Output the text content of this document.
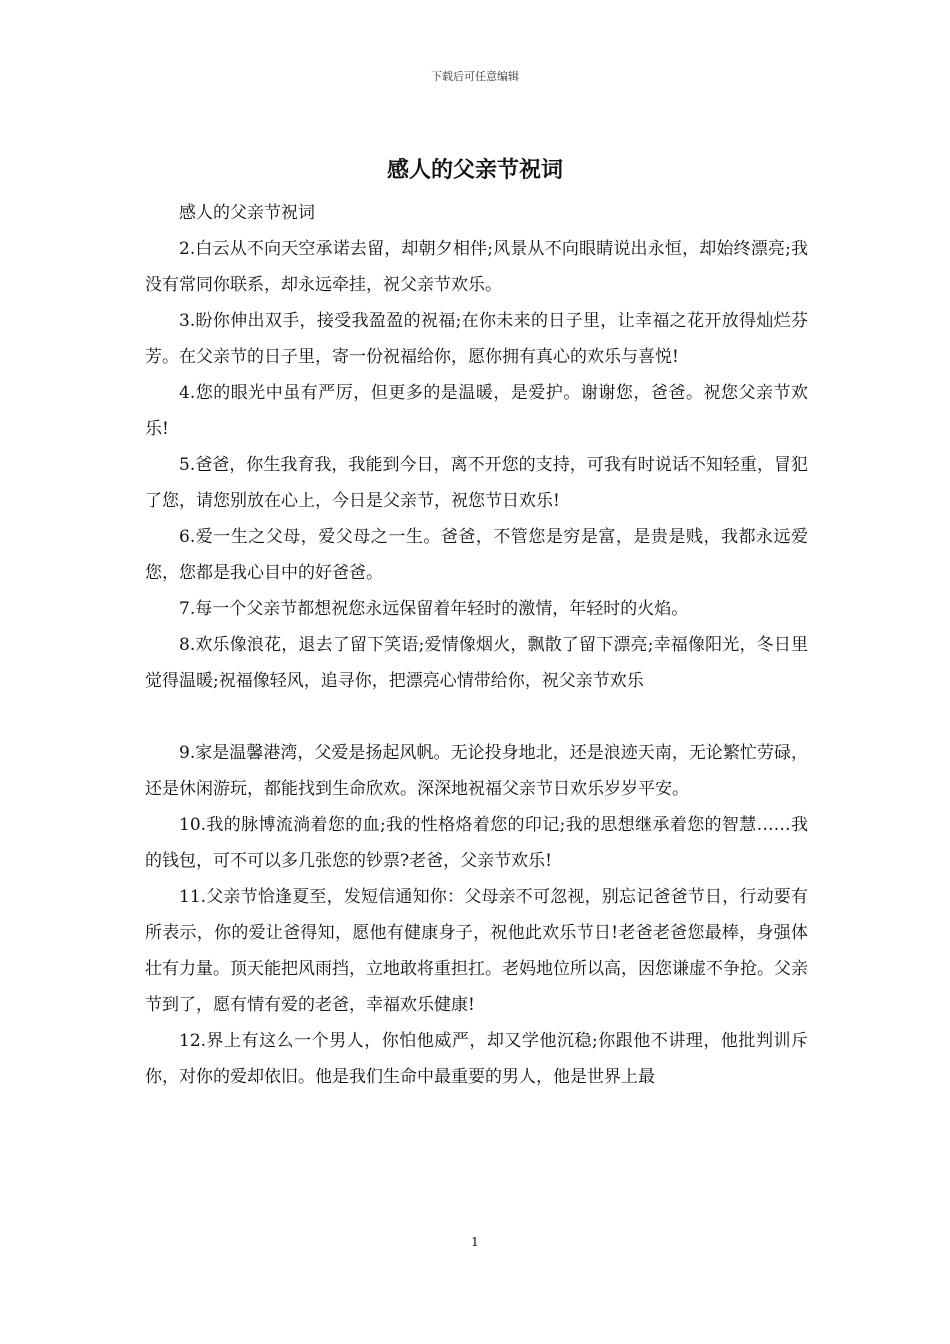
下载后可任意编辑
感人的父亲节祝词

感人的父亲节祝词

2.白云从不向天空承诺去留，却朝夕相伴;风景从不向眼睛说出永恒，却始终漂亮;我没有常同你联系，却永远牵挂，祝父亲节欢乐。

3.盼你伸出双手，接受我盈盈的祝福;在你未来的日子里，让幸福之花开放得灿烂芬芳。在父亲节的日子里，寄一份祝福给你，愿你拥有真心的欢乐与喜悦!

4.您的眼光中虽有严厉，但更多的是温暖，是爱护。谢谢您，爸爸。祝您父亲节欢乐!

5.爸爸，你生我育我，我能到今日，离不开您的支持，可我有时说话不知轻重，冒犯了您，请您别放在心上，今日是父亲节，祝您节日欢乐!

6.爱一生之父母，爱父母之一生。爸爸，不管您是穷是富，是贵是贱，我都永远爱您，您都是我心目中的好爸爸。

7.每一个父亲节都想祝您永远保留着年轻时的激情，年轻时的火焰。

8.欢乐像浪花，退去了留下笑语;爱情像烟火，飘散了留下漂亮;幸福像阳光，冬日里觉得温暖;祝福像轻风，追寻你，把漂亮心情带给你，祝父亲节欢乐

9.家是温馨港湾，父爱是扬起风帆。无论投身地北，还是浪迹天南，无论繁忙劳碌，还是休闲游玩，都能找到生命欣欢。深深地祝福父亲节日欢乐岁岁平安。

10.我的脉博流淌着您的血;我的性格烙着您的印记;我的思想继承着您的智慧……我的钱包，可不可以多几张您的钞票?老爸，父亲节欢乐!

11.父亲节恰逢夏至，发短信通知你：父母亲不可忽视，别忘记爸爸节日，行动要有所表示，你的爱让爸得知，愿他有健康身子，祝他此欢乐节日!老爸老爸您最棒，身强体壮有力量。顶天能把风雨挡，立地敢将重担扛。老妈地位所以高，因您谦虚不争抢。父亲节到了，愿有情有爱的老爸，幸福欢乐健康!

12.界上有这么一个男人，你怕他威严，却又学他沉稳;你跟他不讲理，他批判训斥你，对你的爱却依旧。他是我们生命中最重要的男人，他是世界上最

1
